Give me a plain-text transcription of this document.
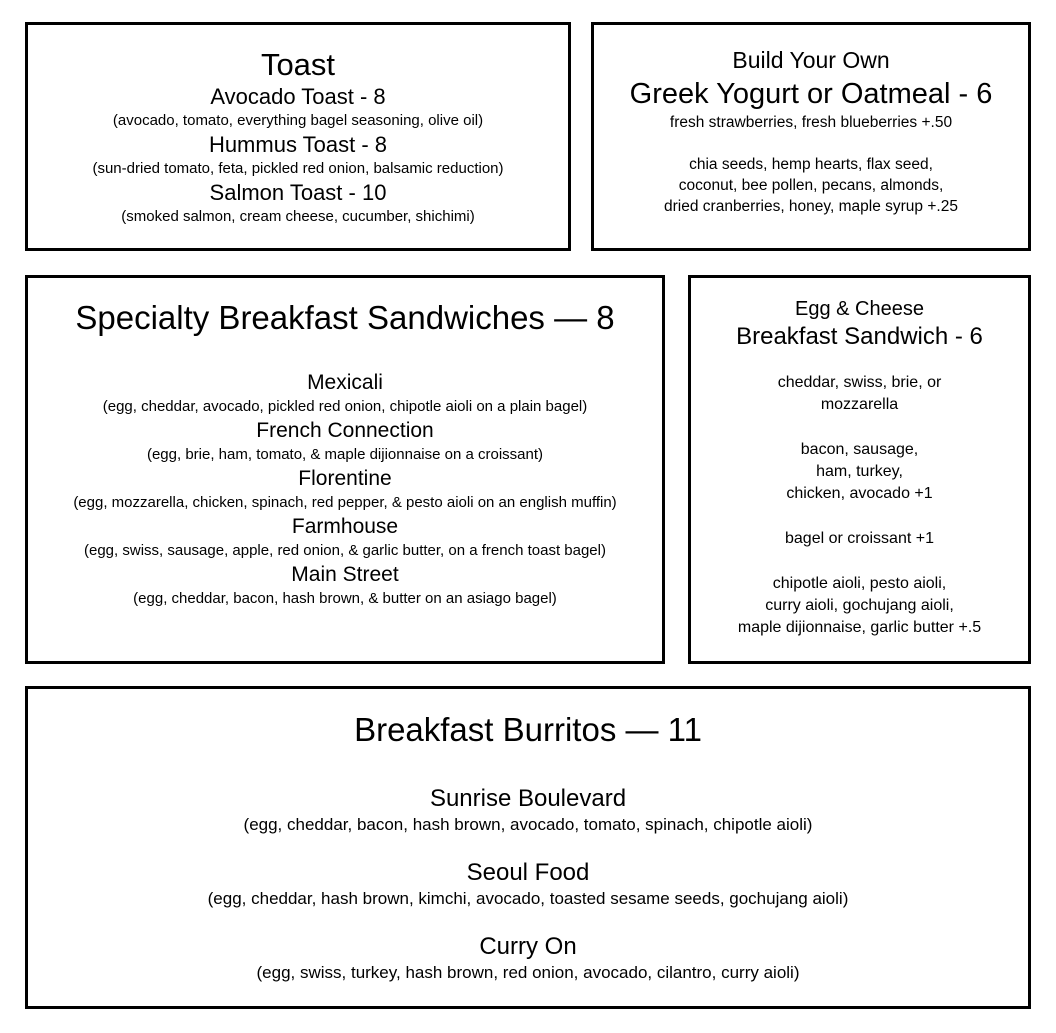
Toast
Avocado Toast - 8
(avocado, tomato, everything bagel seasoning, olive oil)
Hummus Toast - 8
(sun-dried tomato, feta, pickled red onion, balsamic reduction)
Salmon Toast - 10
(smoked salmon, cream cheese, cucumber, shichimi)
Build Your Own
Greek Yogurt or Oatmeal - 6
fresh strawberries, fresh blueberries +.50
chia seeds, hemp hearts, flax seed,
coconut, bee pollen, pecans, almonds,
dried cranberries, honey, maple syrup +.25
Specialty Breakfast Sandwiches — 8
Mexicali
(egg, cheddar, avocado, pickled red onion, chipotle aioli on a plain bagel)
French Connection
(egg, brie, ham, tomato, & maple dijionnaise on a croissant)
Florentine
(egg, mozzarella, chicken, spinach, red pepper, & pesto aioli on an english muffin)
Farmhouse
(egg, swiss, sausage, apple, red onion, & garlic butter, on a french toast bagel)
Main Street
(egg, cheddar, bacon, hash brown, & butter on an asiago bagel)
Egg & Cheese
Breakfast Sandwich - 6
cheddar, swiss, brie, or
mozzarella
bacon, sausage,
ham, turkey,
chicken, avocado +1
bagel or croissant +1
chipotle aioli, pesto aioli,
curry aioli, gochujang aioli,
maple dijionnaise, garlic butter +.5
Breakfast Burritos — 11
Sunrise Boulevard
(egg, cheddar, bacon, hash brown, avocado, tomato, spinach, chipotle aioli)
Seoul Food
(egg, cheddar, hash brown, kimchi, avocado, toasted sesame seeds, gochujang aioli)
Curry On
(egg, swiss, turkey, hash brown, red onion, avocado, cilantro, curry aioli)
